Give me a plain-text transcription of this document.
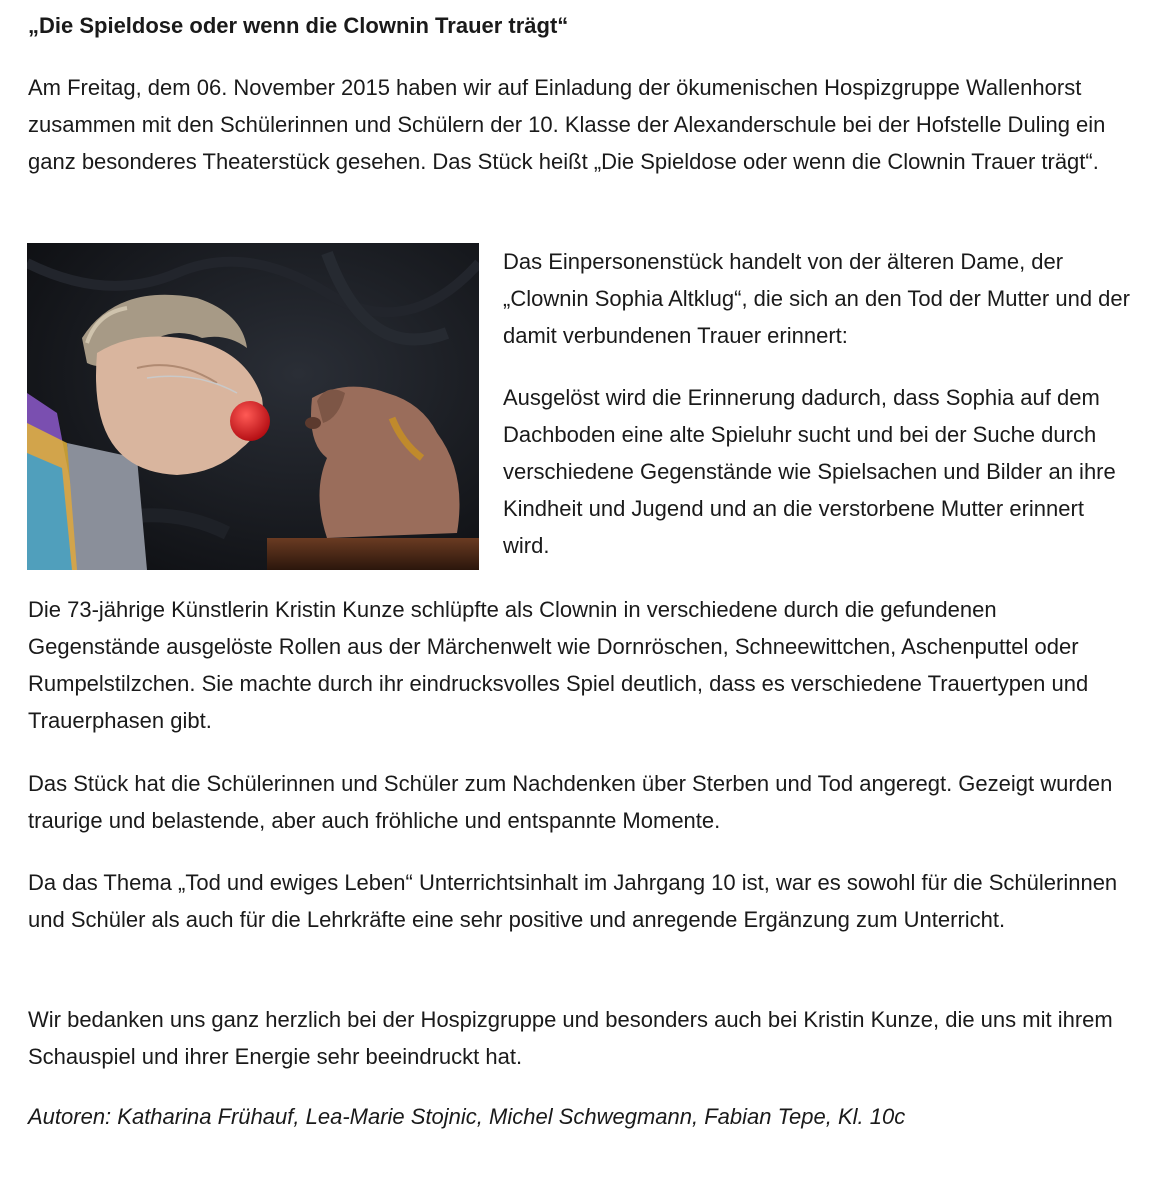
„Die Spieldose oder wenn die Clownin Trauer trägt“

Am Freitag, dem 06. November 2015 haben wir auf Einladung der ökumenischen Hospizgruppe Wallenhorst zusammen mit den Schülerinnen und Schülern der 10. Klasse der Alexanderschule bei der Hofstelle Duling ein ganz besonderes Theaterstück gesehen. Das Stück heißt „Die Spieldose oder wenn die Clownin Trauer trägt“.

Das Einpersonenstück handelt von der älteren Dame, der „Clownin Sophia Altklug“, die sich an den Tod der Mutter und der damit verbundenen Trauer erinnert:

Ausgelöst wird die Erinnerung dadurch, dass Sophia auf dem Dachboden eine alte Spieluhr sucht und bei der Suche durch verschiedene Gegenstände wie Spielsachen und Bilder an ihre Kindheit und Jugend und an die verstorbene Mutter erinnert wird.

Die 73-jährige Künstlerin Kristin Kunze schlüpfte als Clownin in verschiedene durch die gefundenen Gegenstände ausgelöste Rollen aus der Märchenwelt wie Dornröschen, Schneewittchen, Aschenputtel oder Rumpelstilzchen. Sie machte durch ihr eindrucksvolles Spiel deutlich, dass es verschiedene Trauertypen und Trauerphasen gibt.

Das Stück hat die Schülerinnen und Schüler zum Nachdenken über Sterben und Tod angeregt. Gezeigt wurden traurige und belastende, aber auch fröhliche und entspannte Momente.

Da das Thema „Tod und ewiges Leben“ Unterrichtsinhalt im Jahrgang 10 ist, war es sowohl für die Schülerinnen und Schüler als auch für die Lehrkräfte eine sehr positive und anregende Ergänzung zum Unterricht.

Wir bedanken uns ganz herzlich bei der Hospizgruppe und besonders auch bei Kristin Kunze, die uns mit ihrem Schauspiel und ihrer Energie sehr beeindruckt hat.

Autoren: Katharina Frühauf, Lea-Marie Stojnic, Michel Schwegmann, Fabian Tepe, Kl. 10c
